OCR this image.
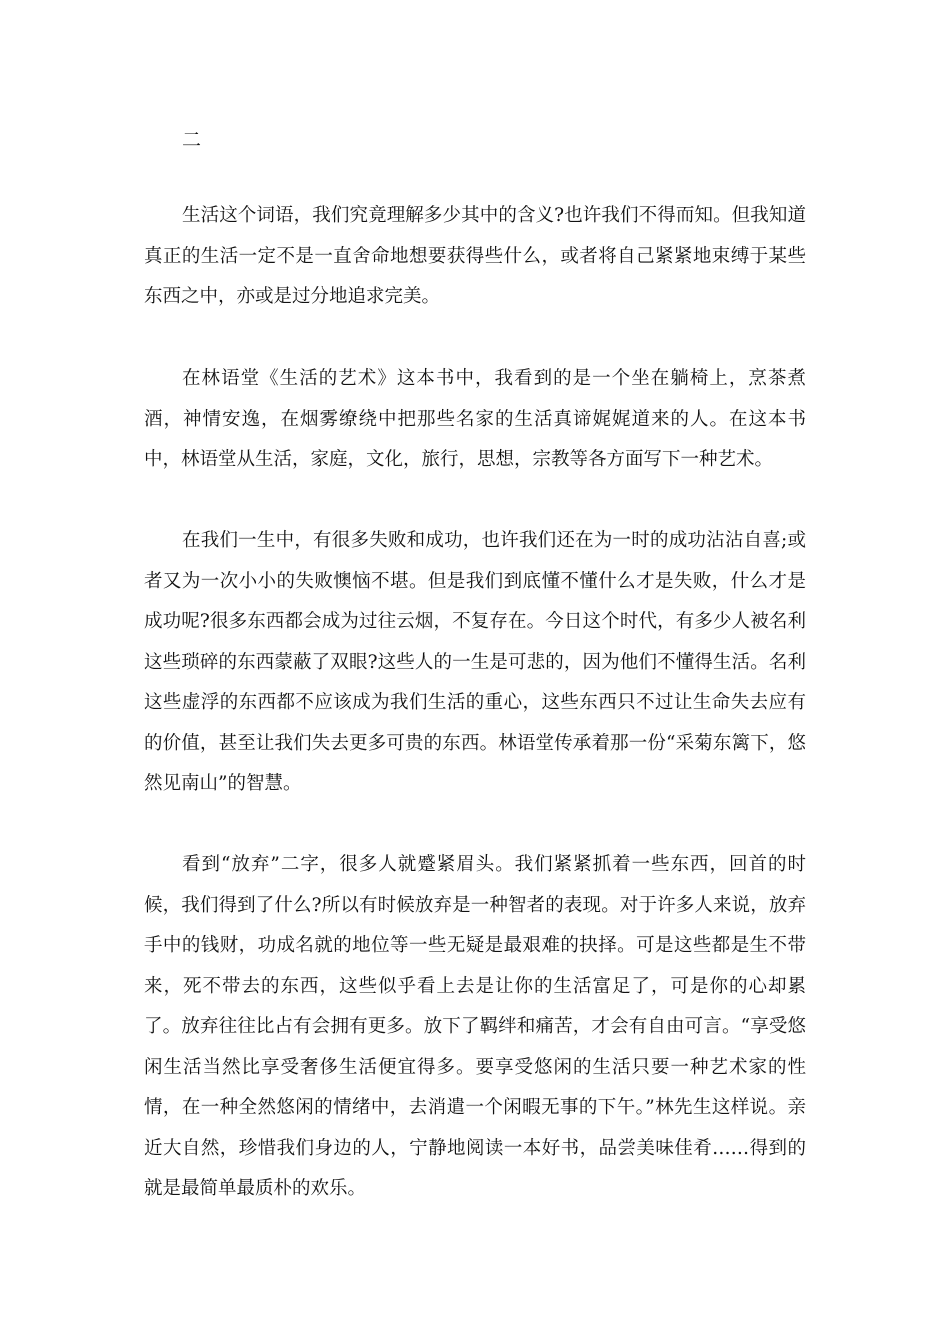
二

生活这个词语，我们究竟理解多少其中的含义?也许我们不得而知。但我知道真正的生活一定不是一直舍命地想要获得些什么，或者将自己紧紧地束缚于某些东西之中，亦或是过分地追求完美。

在林语堂《生活的艺术》这本书中，我看到的是一个坐在躺椅上，烹茶煮酒，神情安逸，在烟雾缭绕中把那些名家的生活真谛娓娓道来的人。在这本书中，林语堂从生活，家庭，文化，旅行，思想，宗教等各方面写下一种艺术。

在我们一生中，有很多失败和成功，也许我们还在为一时的成功沾沾自喜;或者又为一次小小的失败懊恼不堪。但是我们到底懂不懂什么才是失败，什么才是成功呢?很多东西都会成为过往云烟，不复存在。今日这个时代，有多少人被名利这些琐碎的东西蒙蔽了双眼?这些人的一生是可悲的，因为他们不懂得生活。名利这些虚浮的东西都不应该成为我们生活的重心，这些东西只不过让生命失去应有的价值，甚至让我们失去更多可贵的东西。林语堂传承着那一份“采菊东篱下，悠然见南山”的智慧。

看到“放弃”二字，很多人就蹙紧眉头。我们紧紧抓着一些东西，回首的时候，我们得到了什么?所以有时候放弃是一种智者的表现。对于许多人来说，放弃手中的钱财，功成名就的地位等一些无疑是最艰难的抉择。可是这些都是生不带来，死不带去的东西，这些似乎看上去是让你的生活富足了，可是你的心却累了。放弃往往比占有会拥有更多。放下了羁绊和痛苦，才会有自由可言。“享受悠闲生活当然比享受奢侈生活便宜得多。要享受悠闲的生活只要一种艺术家的性情，在一种全然悠闲的情绪中，去消遣一个闲暇无事的下午。”林先生这样说。亲近大自然，珍惜我们身边的人，宁静地阅读一本好书，品尝美味佳肴……得到的就是最简单最质朴的欢乐。
